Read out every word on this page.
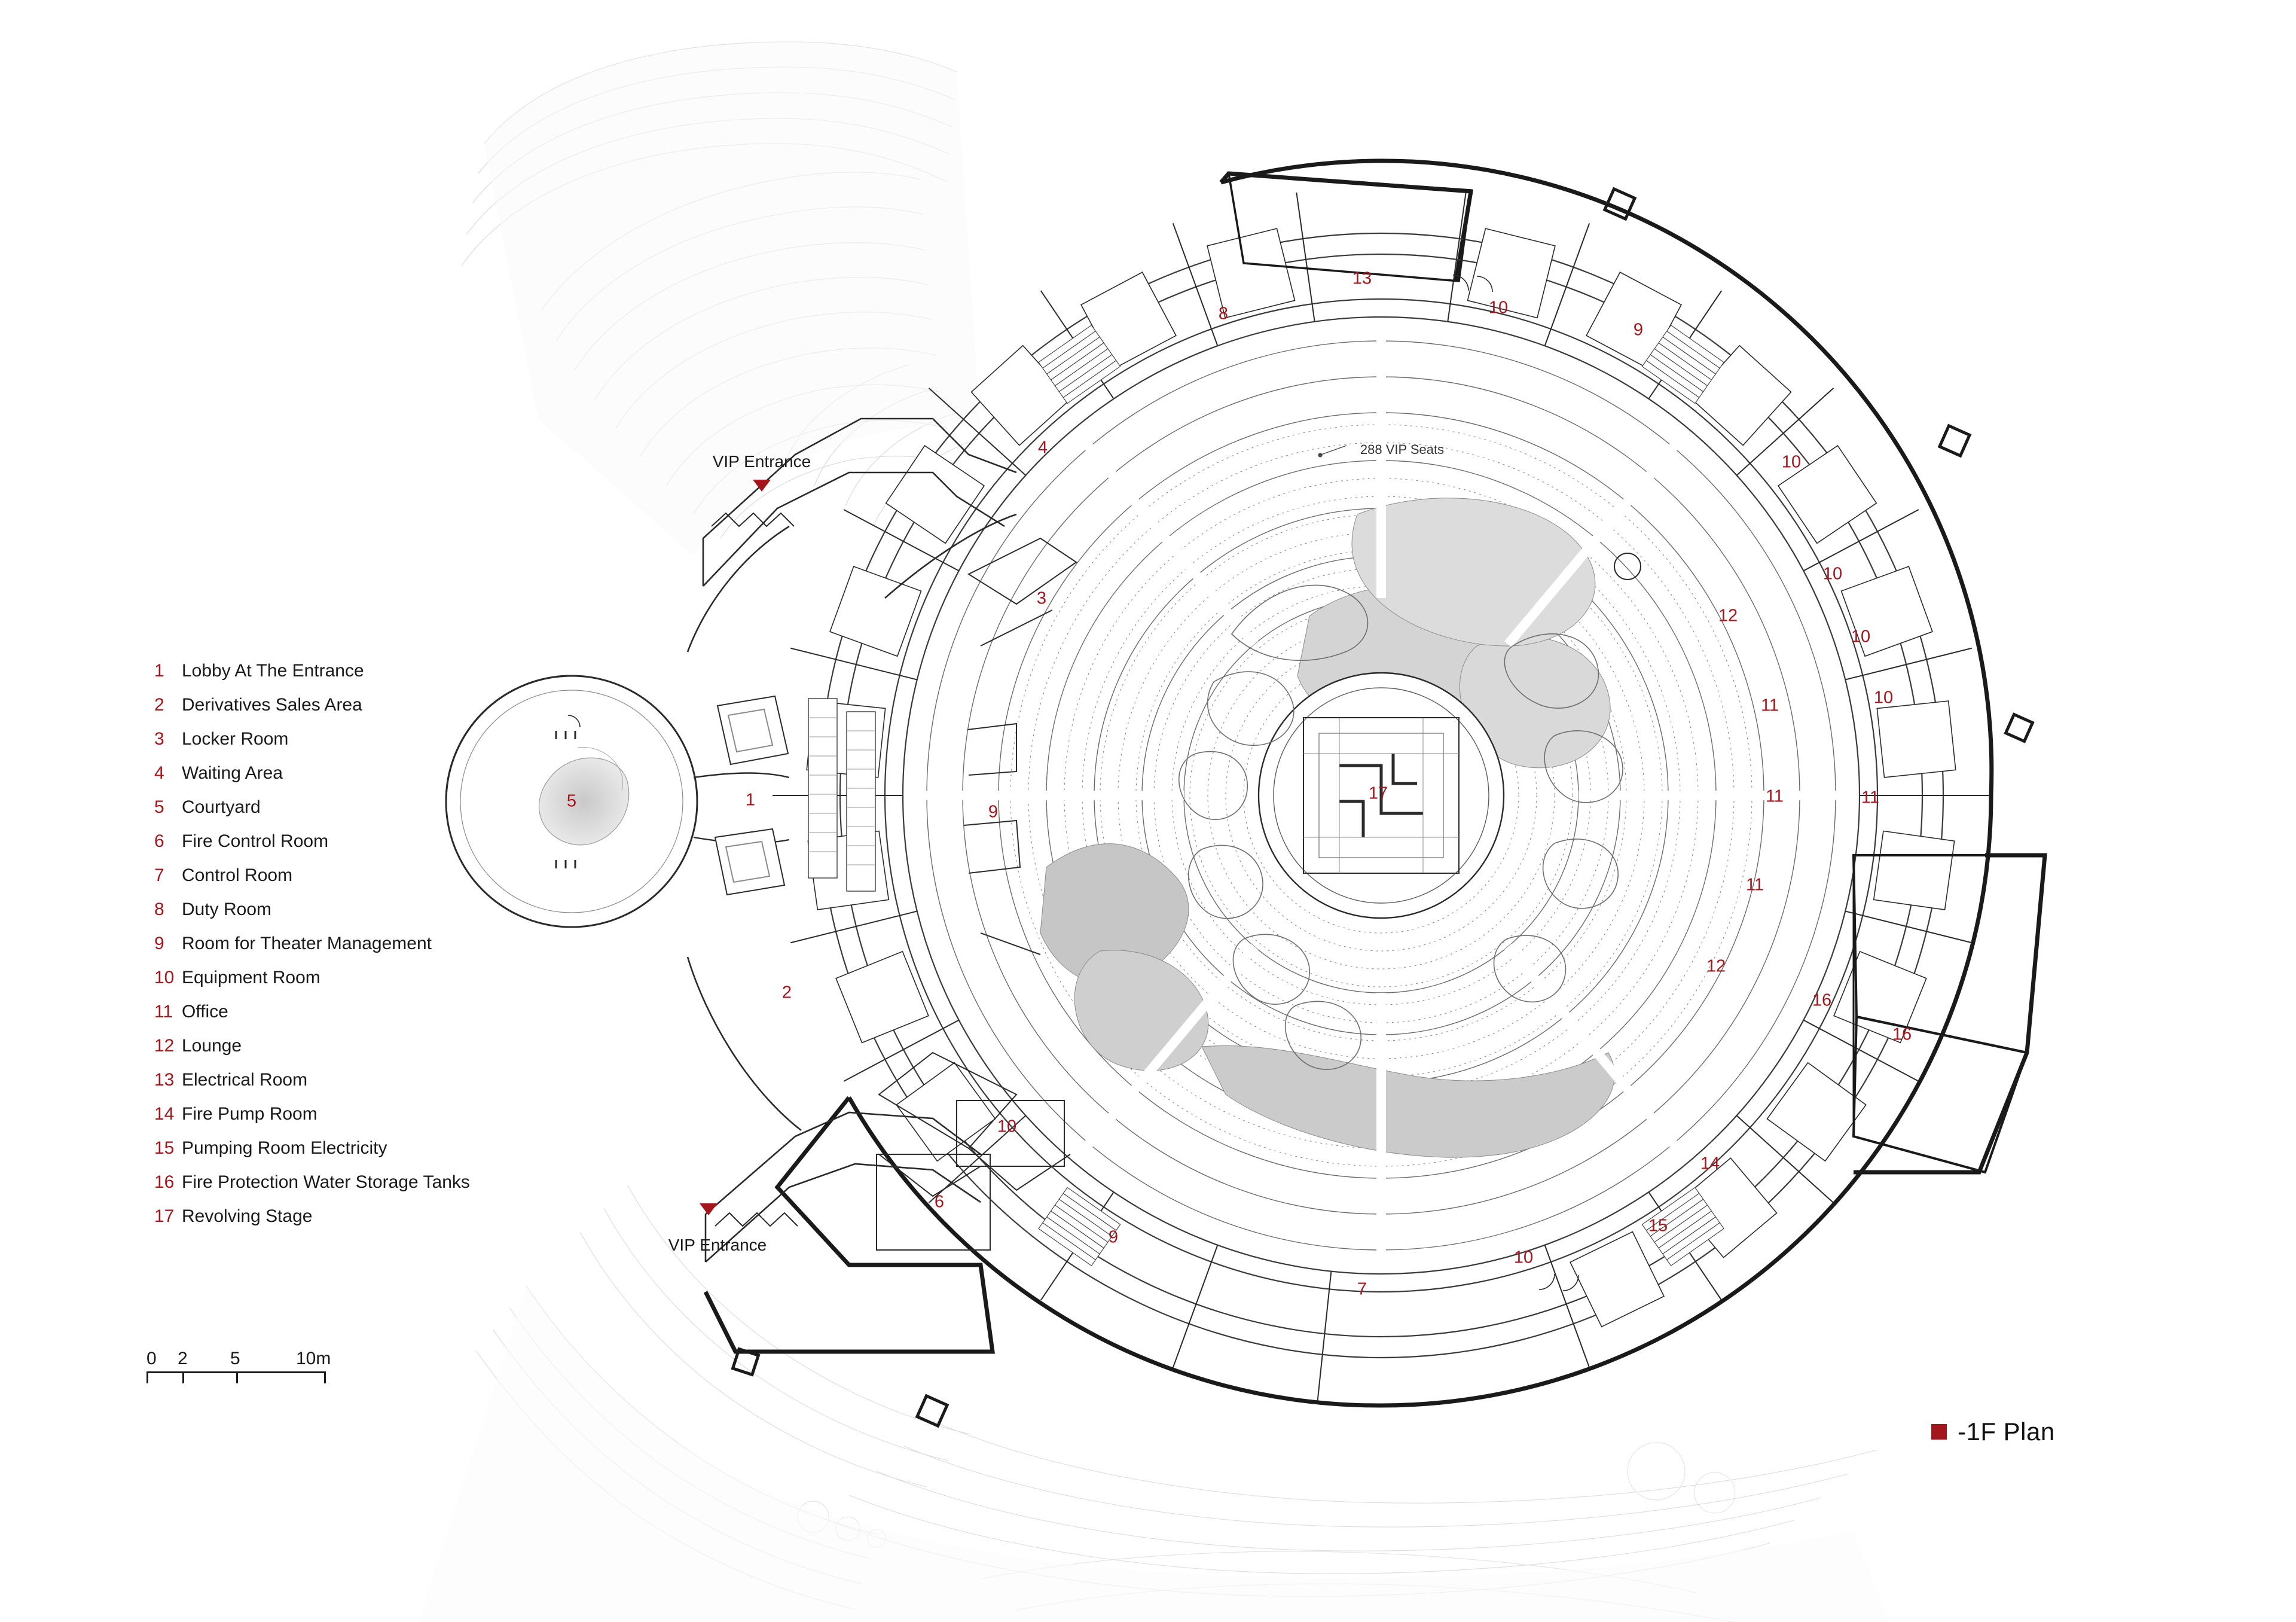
1 Lobby At The Entrance
2 Derivatives Sales Area
3 Locker Room
4 Waiting Area
5 Courtyard
6 Fire Control Room
7 Control Room
8 Duty Room
9 Room for Theater Management
10 Equipment Room
11 Office
12 Lounge
13 Electrical Room
14 Fire Pump Room
15 Pumping Room Electricity
16 Fire Protection Water Storage Tanks
17 Revolving Stage
0 2 5	10m
-1F Plan
VIP Entrance
VIP Entrance
288 VIP Seats
13
8	10
9
4
10
3
12
10
10
11	10
9
1
5	11	11
17
11
2
12
16
16
10
6
14
9
15
10
7
